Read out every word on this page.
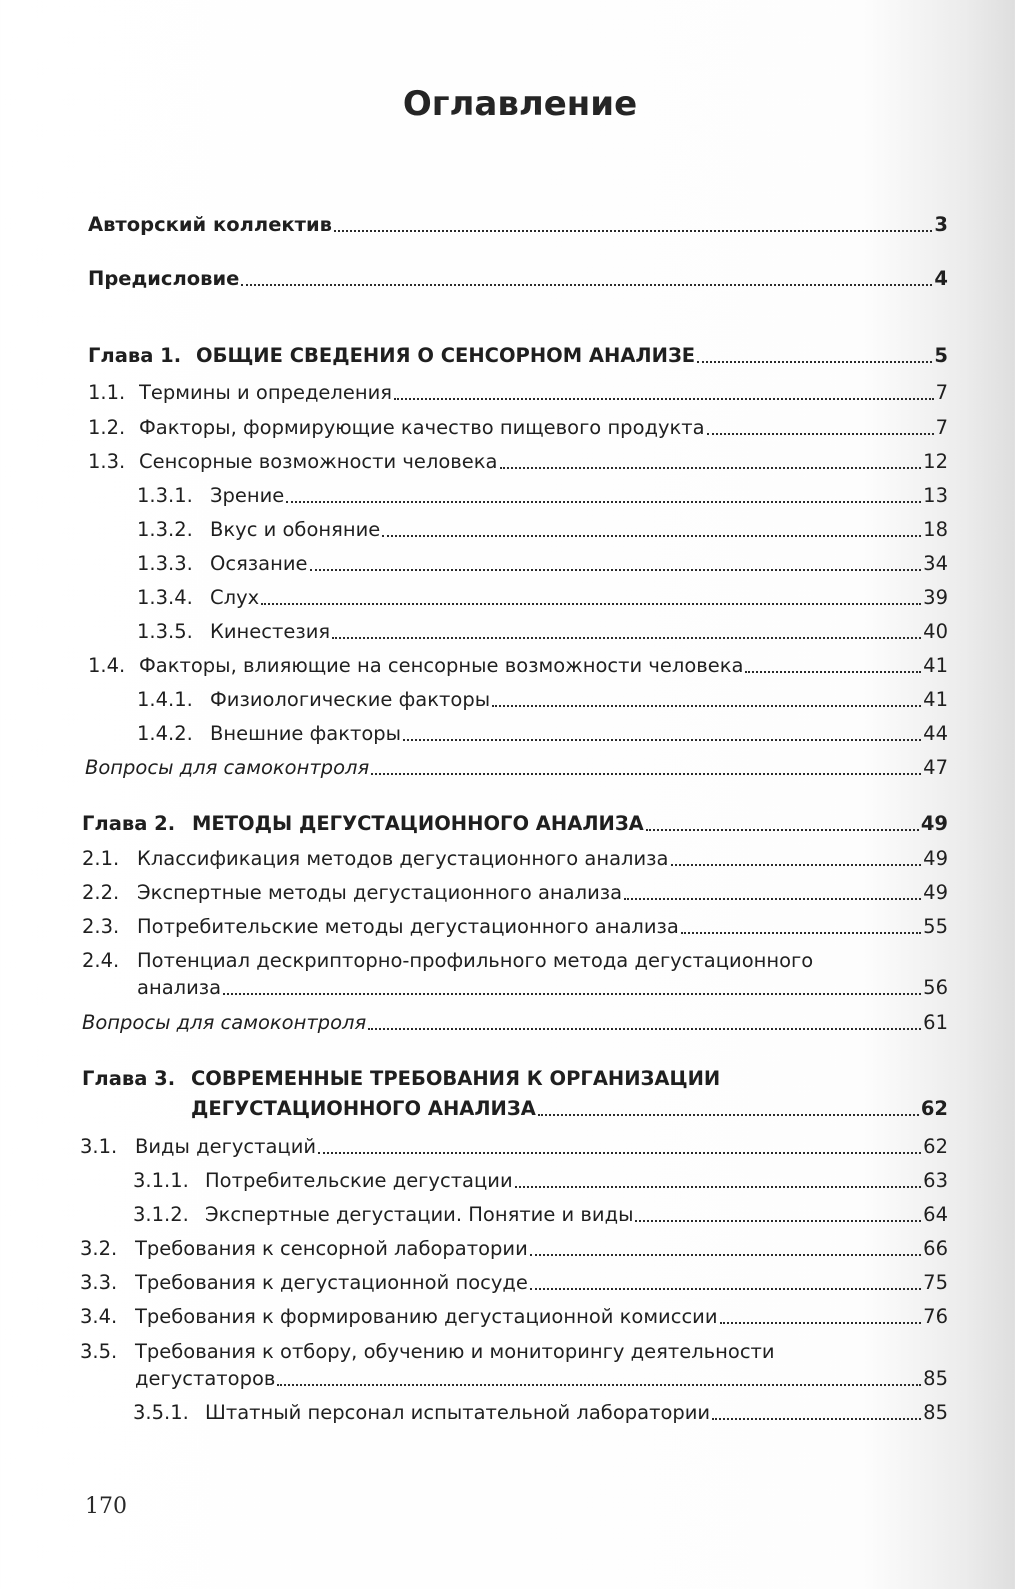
Оглавление
Авторский коллектив	3
Предисловие	4
Глава 1. ОБЩИЕ СВЕДЕНИЯ О СЕНСОРНОМ АНАЛИЗЕ	5
1.1. Термины и определения	7
1.2. Факторы, формирующие качество пищевого продукта	7
1.3. Сенсорные возможности человека	12
1.3.1. Зрение	13
1.3.2. Вкус и обоняние	18
1.3.3. Осязание	34
1.3.4. Слух	39
1.3.5. Кинестезия	40
1.4. Факторы, влияющие на сенсорные возможности человека	41
1.4.1. Физиологические факторы	41
1.4.2. Внешние факторы	44
Вопросы для самоконтроля	47
Глава 2. МЕТОДЫ ДЕГУСТАЦИОННОГО АНАЛИЗА	49
2.1. Классификация методов дегустационного анализа	49
2.2. Экспертные методы дегустационного анализа	49
2.3. Потребительские методы дегустационного анализа	55
2.4. Потенциал дескрипторно-профильного метода дегустационного
анализа	56
Вопросы для самоконтроля	61
Глава 3. СОВРЕМЕННЫЕ ТРЕБОВАНИЯ К ОРГАНИЗАЦИИ
ДЕГУСТАЦИОННОГО АНАЛИЗА	62
3.1. Виды дегустаций	62
3.1.1. Потребительские дегустации	63
3.1.2. Экспертные дегустации. Понятие и виды	64
3.2. Требования к сенсорной лаборатории	66
3.3. Требования к дегустационной посуде	75
3.4. Требования к формированию дегустационной комиссии	76
3.5. Требования к отбору, обучению и мониторингу деятельности
дегустаторов	85
3.5.1. Штатный персонал испытательной лаборатории	85
170
